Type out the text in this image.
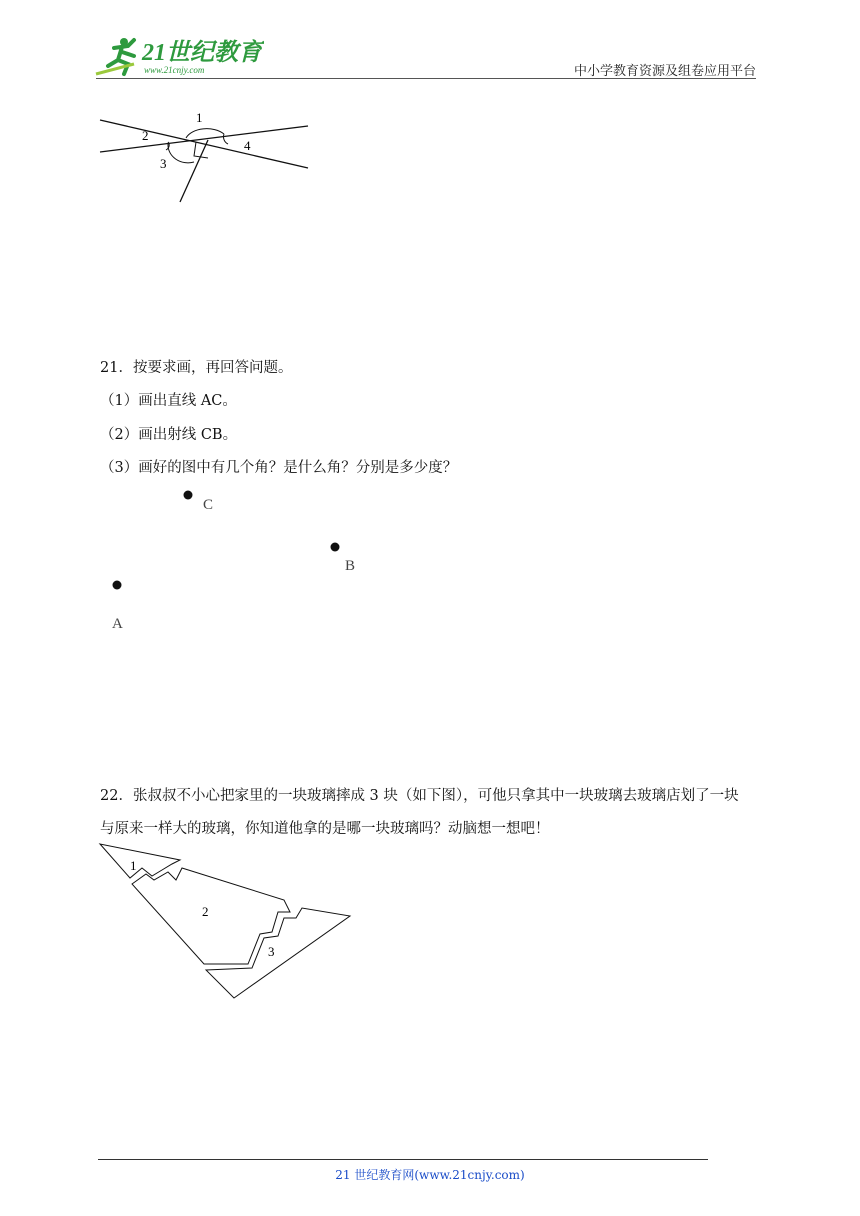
21世纪教育
www.21cnjy.com	中小学教育资源及组卷应用平台
1
2
3
4
21．按要求画，再回答问题。
（1）画出直线 AC。
（2）画出射线 CB。
（3）画好的图中有几个角？是什么角？分别是多少度？
C
B
A
22．张叔叔不小心把家里的一块玻璃摔成 3 块（如下图），可他只拿其中一块玻璃去玻璃店划了一块
与原来一样大的玻璃，你知道他拿的是哪一块玻璃吗？动脑想一想吧！
1
2
3
21 世纪教育网(www.21cnjy.com)
